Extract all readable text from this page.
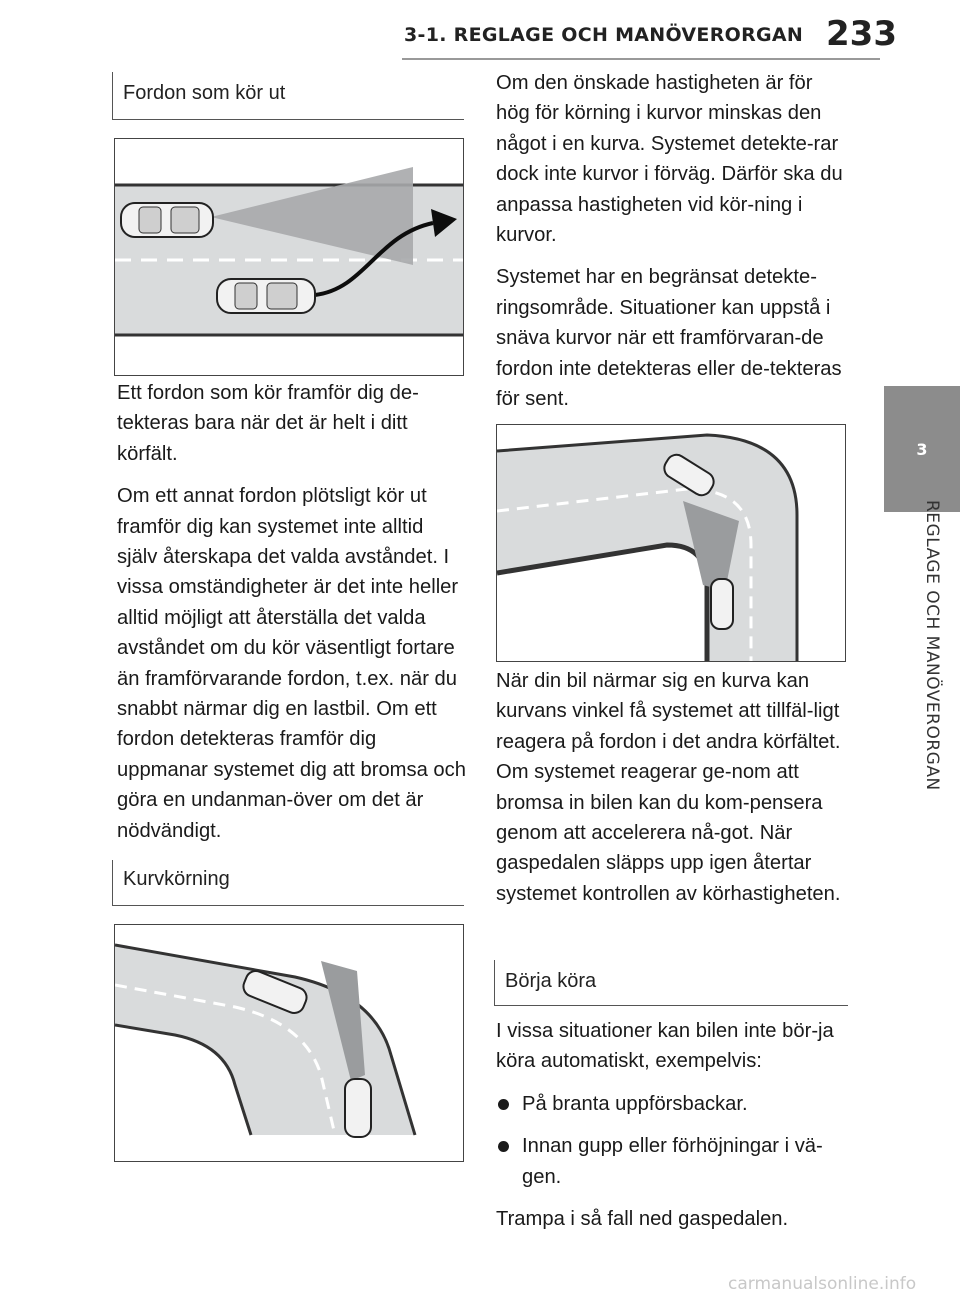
3-1. REGLAGE OCH MANÖVERORGAN 233
3
REGLAGE OCH MANÖVERORGAN
Fordon som kör ut

Ett fordon som kör framför dig de-tekteras bara när det är helt i ditt körfält.

Om ett annat fordon plötsligt kör ut framför dig kan systemet inte alltid själv återskapa det valda avståndet. I vissa omständigheter är det inte heller alltid möjligt att återställa det valda avståndet om du kör väsentligt fortare än framförvarande fordon, t.ex. när du snabbt närmar dig en lastbil. Om ett fordon detekteras framför dig uppmanar systemet dig att bromsa och göra en undanman-över om det är nödvändigt.

Kurvkörning

Om den önskade hastigheten är för hög för körning i kurvor minskas den något i en kurva. Systemet detekte-rar dock inte kurvor i förväg. Därför ska du anpassa hastigheten vid kör-ning i kurvor.

Systemet har en begränsat detekte-ringsområde. Situationer kan uppstå i snäva kurvor när ett framförvaran-de fordon inte detekteras eller de-tekteras för sent.

När din bil närmar sig en kurva kan kurvans vinkel få systemet att tillfäl-ligt reagera på fordon i det andra körfältet. Om systemet reagerar ge-nom att bromsa in bilen kan du kom-pensera genom att accelerera nå-got. När gaspedalen släpps upp igen återtar systemet kontrollen av körhastigheten.

Börja köra

I vissa situationer kan bilen inte bör-ja köra automatiskt, exempelvis:

På branta uppförsbackar.

Innan gupp eller förhöjningar i vä-gen.

Trampa i så fall ned gaspedalen.

carmanualsonline.info
